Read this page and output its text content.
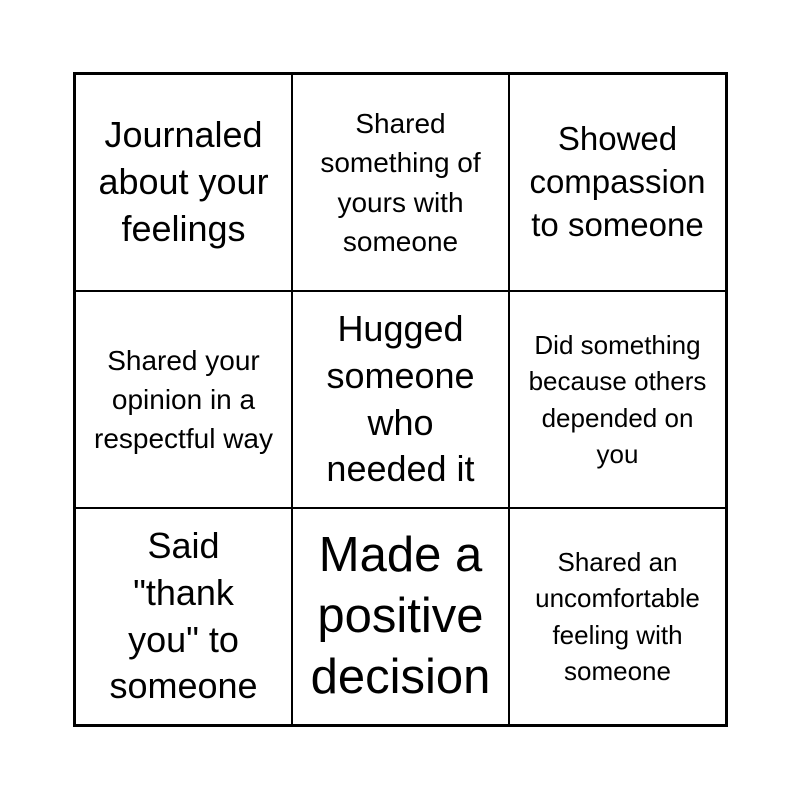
Journaled about your feelings
Shared something of yours with someone
Showed compassion to someone
Shared your opinion in a respectful way
Hugged someone who needed it
Did something because others depended on you
Said "thank you" to someone
Made a positive decision
Shared an uncomfortable feeling with someone
